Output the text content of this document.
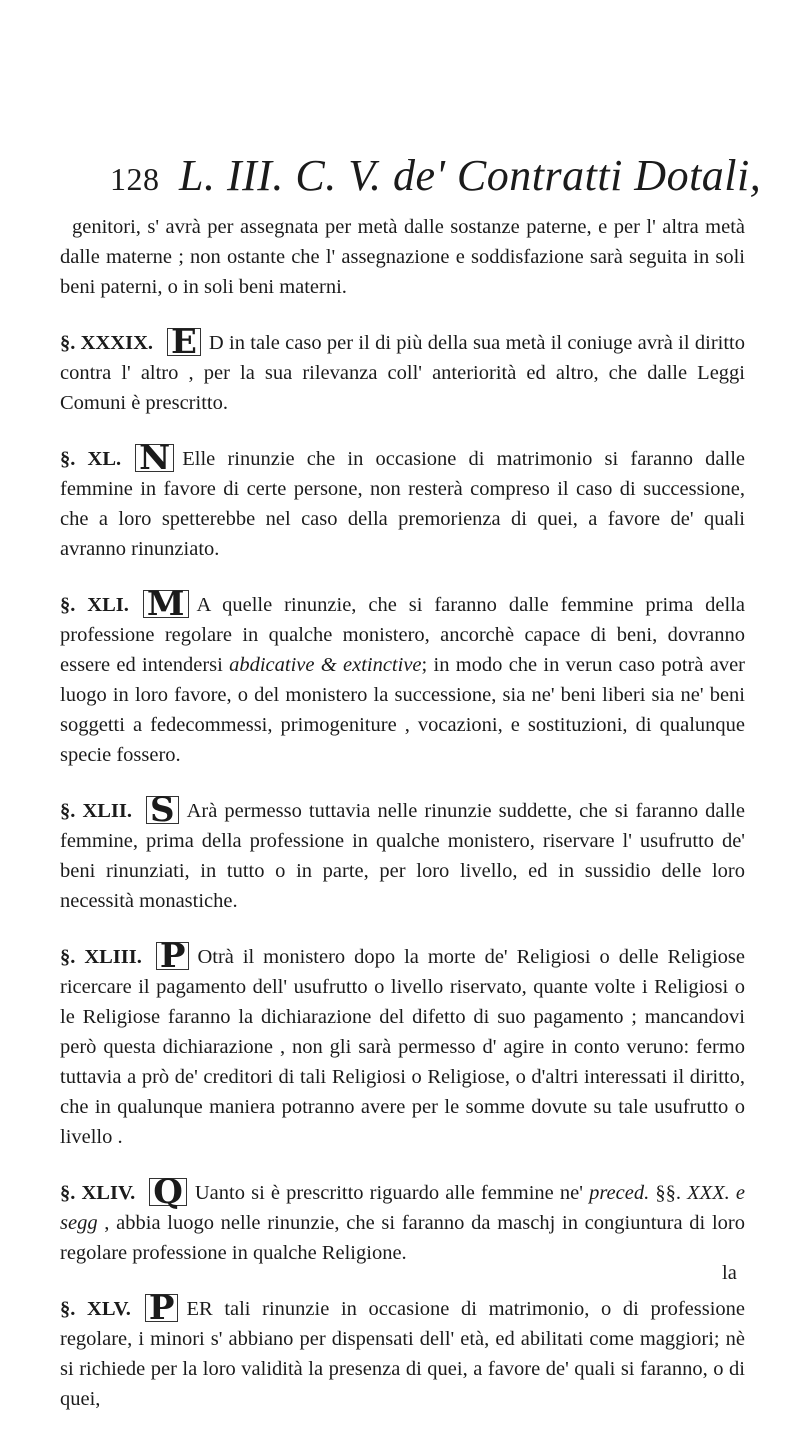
128 L. III. C. V. de' Contratti Dotali,

genitori, s' avrà per assegnata per metà dalle sostanze paterne, e per l' altra metà dalle materne ; non ostante che l' assegnazione e soddisfazione sarà seguita in soli beni paterni, o in soli beni materni.

§. XXXIX. E D in tale caso per il di più della sua metà il coniuge avrà il diritto contra l' altro , per la sua rilevanza coll' anteriorità ed altro, che dalle Leggi Comuni è prescritto.

§. XL. N Elle rinunzie che in occasione di matrimonio si faranno dalle femmine in favore di certe persone, non resterà compreso il caso di successione, che a loro spetterebbe nel caso della premorienza di quei, a favore de' quali avranno rinunziato.

§. XLI. M A quelle rinunzie, che si faranno dalle femmine prima della professione regolare in qualche monistero, ancorchè capace di beni, dovranno essere ed intendersi abdicative & extinctive; in modo che in verun caso potrà aver luogo in loro favore, o del monistero la successione, sia ne' beni liberi sia ne' beni soggetti a fedecommessi, primogeniture , vocazioni, e sostituzioni, di qualunque specie fossero.

§. XLII. S Arà permesso tuttavia nelle rinunzie suddette, che si faranno dalle femmine, prima della professione in qualche monistero, riservare l' usufrutto de' beni rinunziati, in tutto o in parte, per loro livello, ed in sussidio delle loro necessità monastiche.

§. XLIII. P Otrà il monistero dopo la morte de' Religiosi o delle Religiose ricercare il pagamento dell' usufrutto o livello riservato, quante volte i Religiosi o le Religiose faranno la dichiarazione del difetto di suo pagamento ; mancandovi però questa dichiarazione , non gli sarà permesso d' agire in conto veruno: fermo tuttavia a prò de' creditori di tali Religiosi o Religiose, o d'altri interessati il diritto, che in qualunque maniera potranno avere per le somme dovute su tale usufrutto o livello .

§. XLIV. Q Uanto si è prescritto riguardo alle femmine ne' preced. §§. XXX. e segg , abbia luogo nelle rinunzie, che si faranno da maschj in congiuntura di loro regolare professione in qualche Religione.

§. XLV. P ER tali rinunzie in occasione di matrimonio, o di professione regolare, i minori s' abbiano per dispensati dell' età, ed abilitati come maggiori; nè si richiede per la loro validità la presenza di quei, a favore de' quali si faranno, o di quei,

la
